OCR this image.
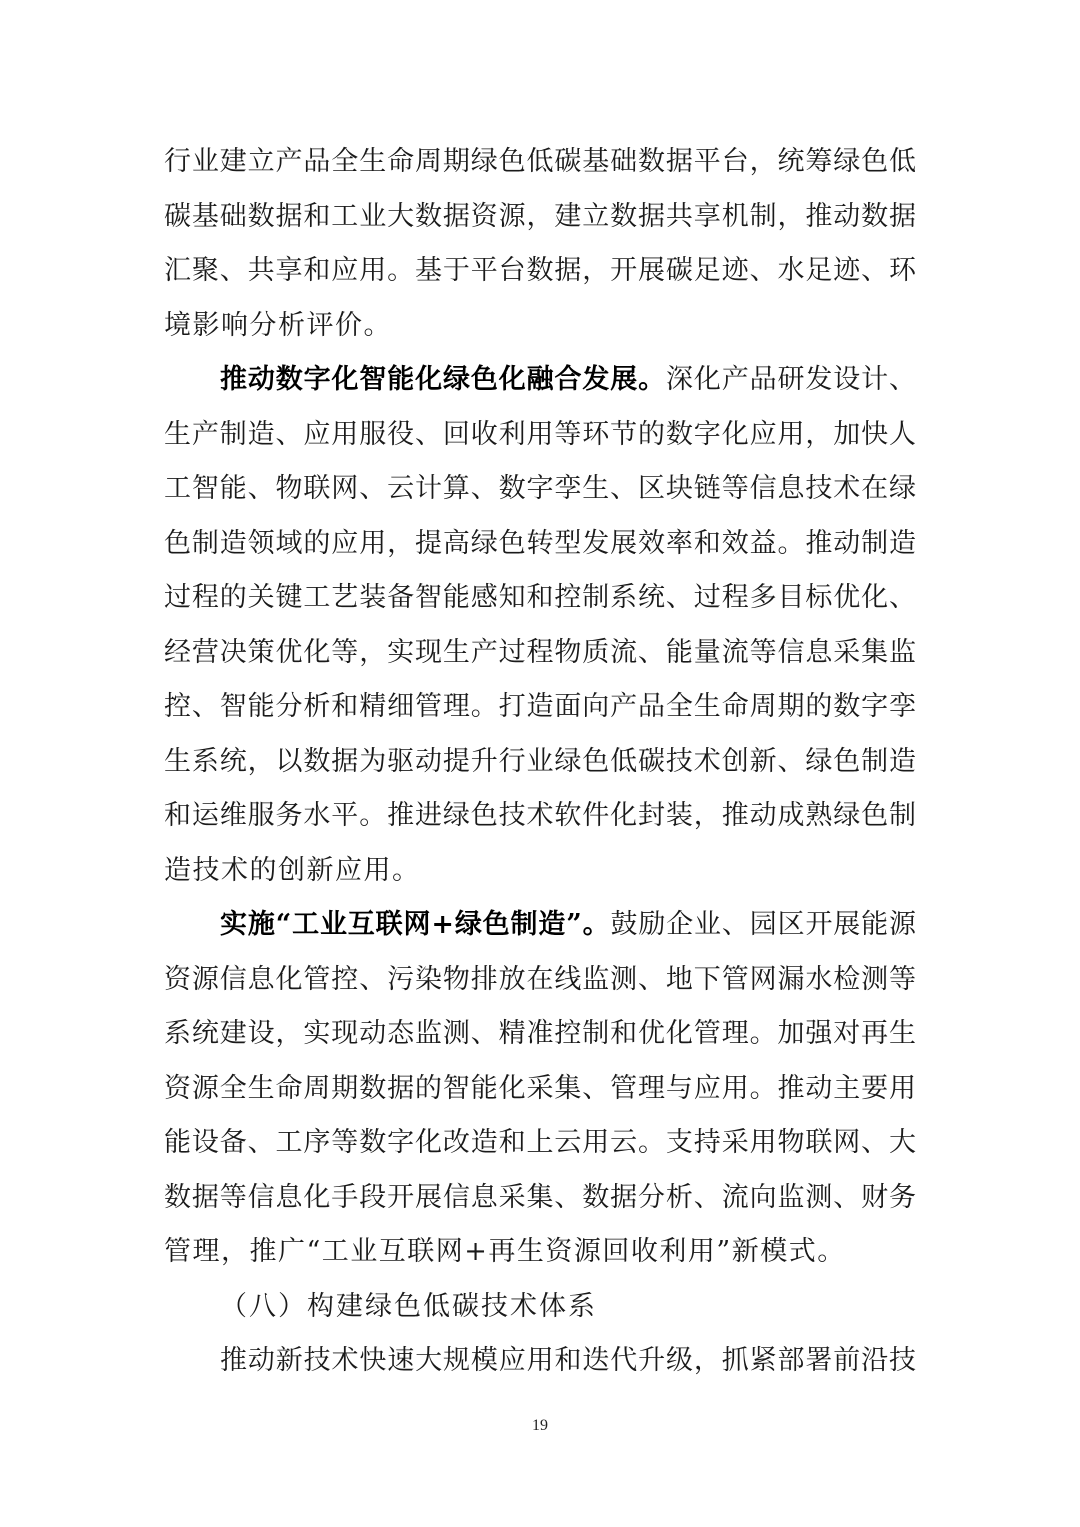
行业建立产品全生命周期绿色低碳基础数据平台，统筹绿色低
碳基础数据和工业大数据资源，建立数据共享机制，推动数据
汇聚、共享和应用。基于平台数据，开展碳足迹、水足迹、环
境影响分析评价。
推动数字化智能化绿色化融合发展。深化产品研发设计、
生产制造、应用服役、回收利用等环节的数字化应用，加快人
工智能、物联网、云计算、数字孪生、区块链等信息技术在绿
色制造领域的应用，提高绿色转型发展效率和效益。推动制造
过程的关键工艺装备智能感知和控制系统、过程多目标优化、
经营决策优化等，实现生产过程物质流、能量流等信息采集监
控、智能分析和精细管理。打造面向产品全生命周期的数字孪
生系统，以数据为驱动提升行业绿色低碳技术创新、绿色制造
和运维服务水平。推进绿色技术软件化封装，推动成熟绿色制
造技术的创新应用。
实施“工业互联网+绿色制造”。鼓励企业、园区开展能源
资源信息化管控、污染物排放在线监测、地下管网漏水检测等
系统建设，实现动态监测、精准控制和优化管理。加强对再生
资源全生命周期数据的智能化采集、管理与应用。推动主要用
能设备、工序等数字化改造和上云用云。支持采用物联网、大
数据等信息化手段开展信息采集、数据分析、流向监测、财务
管理，推广“工业互联网+再生资源回收利用”新模式。
（八）构建绿色低碳技术体系
推动新技术快速大规模应用和迭代升级，抓紧部署前沿技
19
